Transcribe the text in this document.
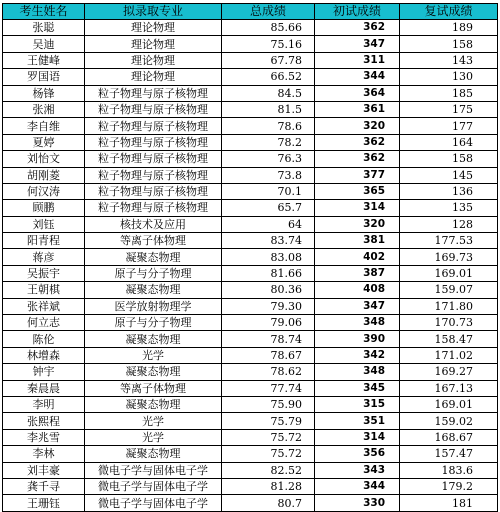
考生姓名	拟录取专业	总成绩	初试成绩	复试成绩
张聪	理论物理	85.66	362	189
吴迪	理论物理	75.16	347	158
王健峰	理论物理	67.78	311	143
罗国语	理论物理	66.52	344	130
杨锋	粒子物理与原子核物理	84.5	364	185
张湘	粒子物理与原子核物理	81.5	361	175
李自维	粒子物理与原子核物理	78.6	320	177
夏婷	粒子物理与原子核物理	78.2	362	164
刘怡文	粒子物理与原子核物理	76.3	362	158
胡刚菱	粒子物理与原子核物理	73.8	377	145
何汉涛	粒子物理与原子核物理	70.1	365	136
顾鹏	粒子物理与原子核物理	65.7	314	135
刘钰	核技术及应用	64	320	128
阳青程	等离子体物理	83.74	381	177.53
蒋彦	凝聚态物理	83.08	402	169.73
吴振宇	原子与分子物理	81.66	387	169.01
王朝棋	凝聚态物理	80.36	408	159.07
张祥斌	医学放射物理学	79.30	347	171.80
何立志	原子与分子物理	79.06	348	170.73
陈伦	凝聚态物理	78.74	390	158.47
林增森	光学	78.67	342	171.02
钟宇	凝聚态物理	78.62	348	169.27
秦晨晨	等离子体物理	77.74	345	167.13
李明	凝聚态物理	75.90	315	169.01
张熙程	光学	75.79	351	159.02
李兆雪	光学	75.72	314	168.67
李林	凝聚态物理	75.72	356	157.47
刘丰豪	微电子学与固体电子学	82.52	343	183.6
龚千寻	微电子学与固体电子学	81.28	344	179.2
王珊钰	微电子学与固体电子学	80.7	330	181
